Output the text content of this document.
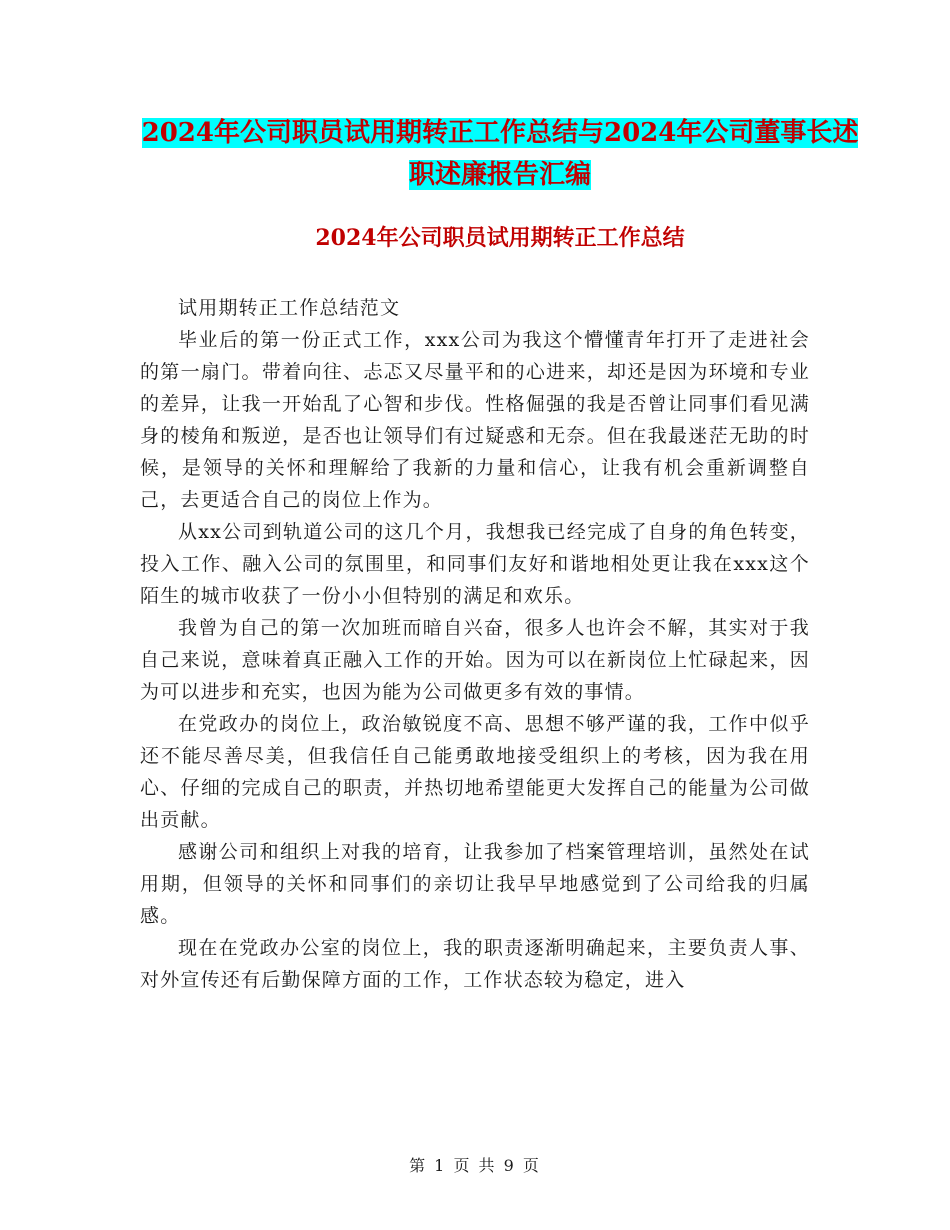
2024年公司职员试用期转正工作总结与2024年公司董事长述职述廉报告汇编
2024年公司职员试用期转正工作总结

试用期转正工作总结范文

毕业后的第一份正式工作，xxx公司为我这个懵懂青年打开了走进社会的第一扇门。带着向往、忐忑又尽量平和的心进来，却还是因为环境和专业的差异，让我一开始乱了心智和步伐。性格倔强的我是否曾让同事们看见满身的棱角和叛逆，是否也让领导们有过疑惑和无奈。但在我最迷茫无助的时候，是领导的关怀和理解给了我新的力量和信心，让我有机会重新调整自己，去更适合自己的岗位上作为。

从xx公司到轨道公司的这几个月，我想我已经完成了自身的角色转变，投入工作、融入公司的氛围里，和同事们友好和谐地相处更让我在xxx这个陌生的城市收获了一份小小但特别的满足和欢乐。

我曾为自己的第一次加班而暗自兴奋，很多人也许会不解，其实对于我自己来说，意味着真正融入工作的开始。因为可以在新岗位上忙碌起来，因为可以进步和充实，也因为能为公司做更多有效的事情。

在党政办的岗位上，政治敏锐度不高、思想不够严谨的我，工作中似乎还不能尽善尽美，但我信任自己能勇敢地接受组织上的考核，因为我在用心、仔细的完成自己的职责，并热切地希望能更大发挥自己的能量为公司做出贡献。

感谢公司和组织上对我的培育，让我参加了档案管理培训，虽然处在试用期，但领导的关怀和同事们的亲切让我早早地感觉到了公司给我的归属感。

现在在党政办公室的岗位上，我的职责逐渐明确起来，主要负责人事、对外宣传还有后勤保障方面的工作，工作状态较为稳定，进入

第 1 页 共 9 页
